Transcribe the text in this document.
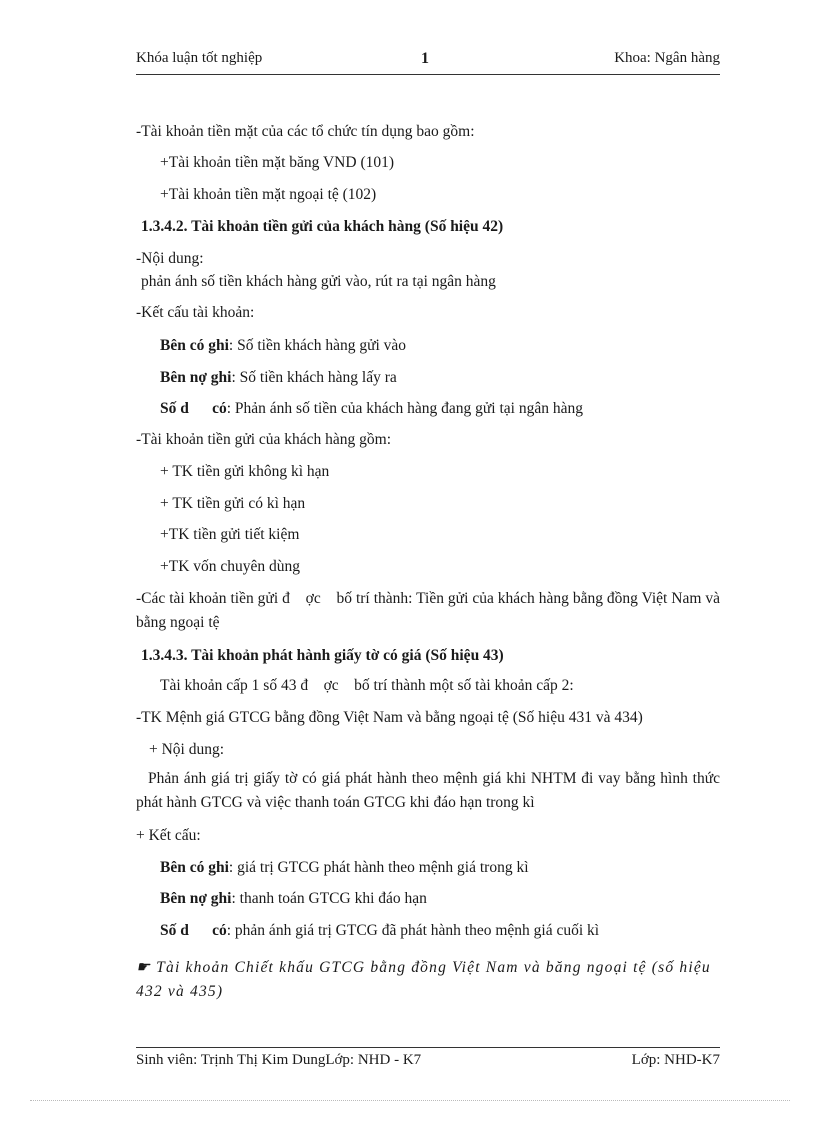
Khóa luận tốt nghiệp	1	Khoa: Ngân hàng
-Tài khoản tiền mặt của các tổ chức tín dụng bao gồm:
+Tài khoản tiền mặt băng VND (101)
+Tài khoản tiền mặt ngoại tệ (102)
1.3.4.2. Tài khoản tiền gửi của khách hàng (Số hiệu 42)
-Nội dung:
phản ánh số tiền khách hàng gửi vào, rút ra tại ngân hàng
-Kết cấu tài khoản:
Bên có ghi: Số tiền khách hàng gửi vào
Bên nợ ghi: Số tiền khách hàng lấy ra
Số d      có: Phản ánh số tiền của khách hàng đang gửi tại ngân hàng
-Tài khoản tiền gửi của khách hàng gồm:
+ TK tiền gửi không kì hạn
+ TK tiền gửi có kì hạn
+TK tiền gửi tiết kiệm
+TK vốn chuyên dùng
-Các tài khoản tiền gửi đ    ợc    bố trí thành: Tiền gửi của khách hàng bằng đồng Việt Nam và bằng ngoại tệ
1.3.4.3. Tài khoản phát hành giấy tờ có giá (Số hiệu 43)
Tài khoản cấp 1 số 43 đ    ợc    bố trí thành một số tài khoản cấp 2:
-TK Mệnh giá GTCG bằng đồng Việt Nam và bằng ngoại tệ (Số hiệu 431 và 434)
+ Nội dung:
Phản ánh giá trị giấy tờ có giá phát hành theo mệnh giá khi NHTM đi vay bằng hình thức phát hành GTCG và việc thanh toán GTCG khi đáo hạn trong kì
+ Kết cấu:
Bên có ghi: giá trị GTCG phát hành theo mệnh giá trong kì
Bên nợ ghi: thanh toán GTCG khi đáo hạn
Số d      có: phản ánh giá trị GTCG đã phát hành theo mệnh giá cuối kì
☛ Tài khoản Chiết khấu GTCG bằng đồng Việt Nam và băng ngoại tệ (số hiệu 432 và 435)
Sinh viên: Trịnh Thị Kim DungLớp: NHD - K7	Lớp: NHD-K7
